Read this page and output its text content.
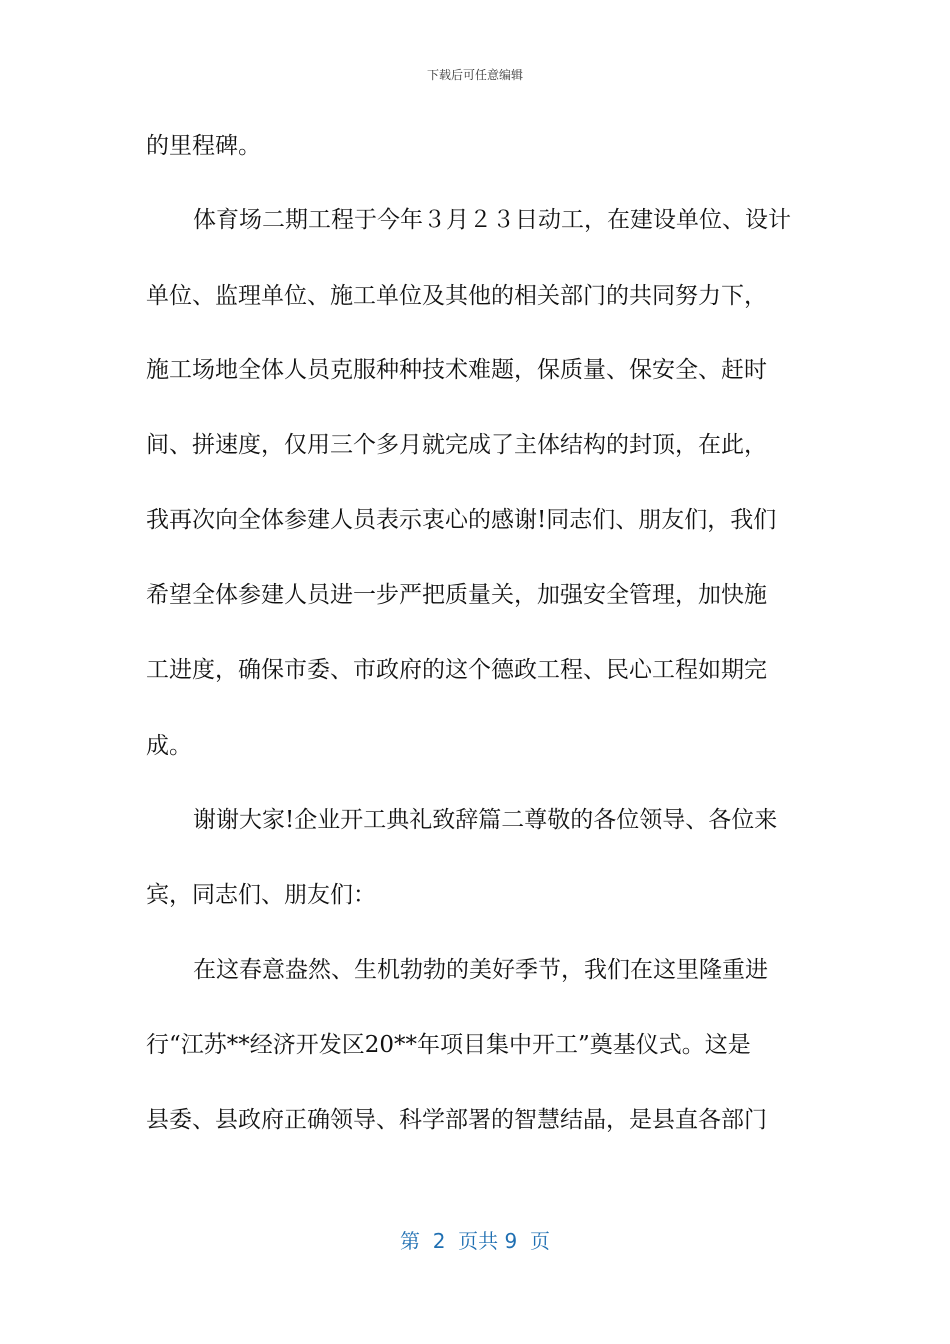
下载后可任意编辑
的里程碑。
体育场二期工程于今年３月２３日动工，在建设单位、设计
单位、监理单位、施工单位及其他的相关部门的共同努力下，
施工场地全体人员克服种种技术难题，保质量、保安全、赶时
间、拼速度，仅用三个多月就完成了主体结构的封顶，在此，
我再次向全体参建人员表示衷心的感谢!同志们、朋友们，我们
希望全体参建人员进一步严把质量关，加强安全管理，加快施
工进度，确保市委、市政府的这个德政工程、民心工程如期完
成。
谢谢大家!企业开工典礼致辞篇二尊敬的各位领导、各位来
宾，同志们、朋友们：
在这春意盎然、生机勃勃的美好季节，我们在这里隆重进
行“江苏**经济开发区20**年项目集中开工”奠基仪式。这是
县委、县政府正确领导、科学部署的智慧结晶，是县直各部门
第  2  页共 9  页
